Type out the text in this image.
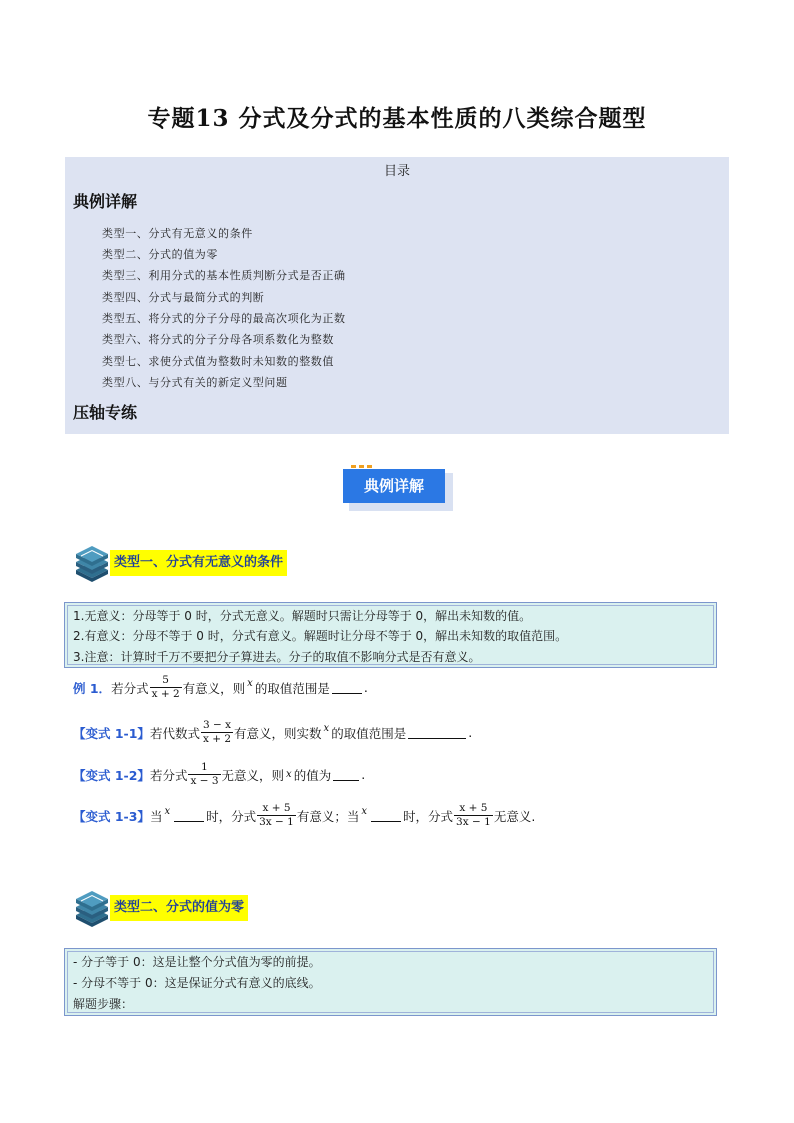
专题13 分式及分式的基本性质的八类综合题型
目录
典例详解
类型一、分式有无意义的条件
类型二、分式的值为零
类型三、利用分式的基本性质判断分式是否正确
类型四、分式与最简分式的判断
类型五、将分式的分子分母的最高次项化为正数
类型六、将分式的分子分母各项系数化为整数
类型七、求使分式值为整数时未知数的整数值
类型八、与分式有关的新定义型问题
压轴专练
典例详解
类型一、分式有无意义的条件
1.无意义：分母等于 0 时，分式无意义。解题时只需让分母等于 0，解出未知数的值。
2.有意义：分母不等于 0 时，分式有意义。解题时让分母不等于 0，解出未知数的取值范围。
3.注意：计算时千万不要把分子算进去。分子的取值不影响分式是否有意义。
例 1． 若分式 $\frac{5}{x + 2}$ 有意义，则 x 的取值范围是	.
【变式 1-1】 若代数式 $\frac{3 - x}{x + 2}$ 有意义，则实数 x 的取值范围是	.
【变式 1-2】 若分式 $\frac{1}{x - 3}$ 无意义，则 x 的值为 .
【变式 1-3】 当 x	时，分式 $\frac{x + 5}{3x - 1}$ 有意义；当 x	时，分式 $\frac{x + 5}{3x - 1}$ 无意义.
类型二、分式的值为零
- 分子等于 0：这是让整个分式值为零的前提。
- 分母不等于 0：这是保证分式有意义的底线。
解题步骤：
